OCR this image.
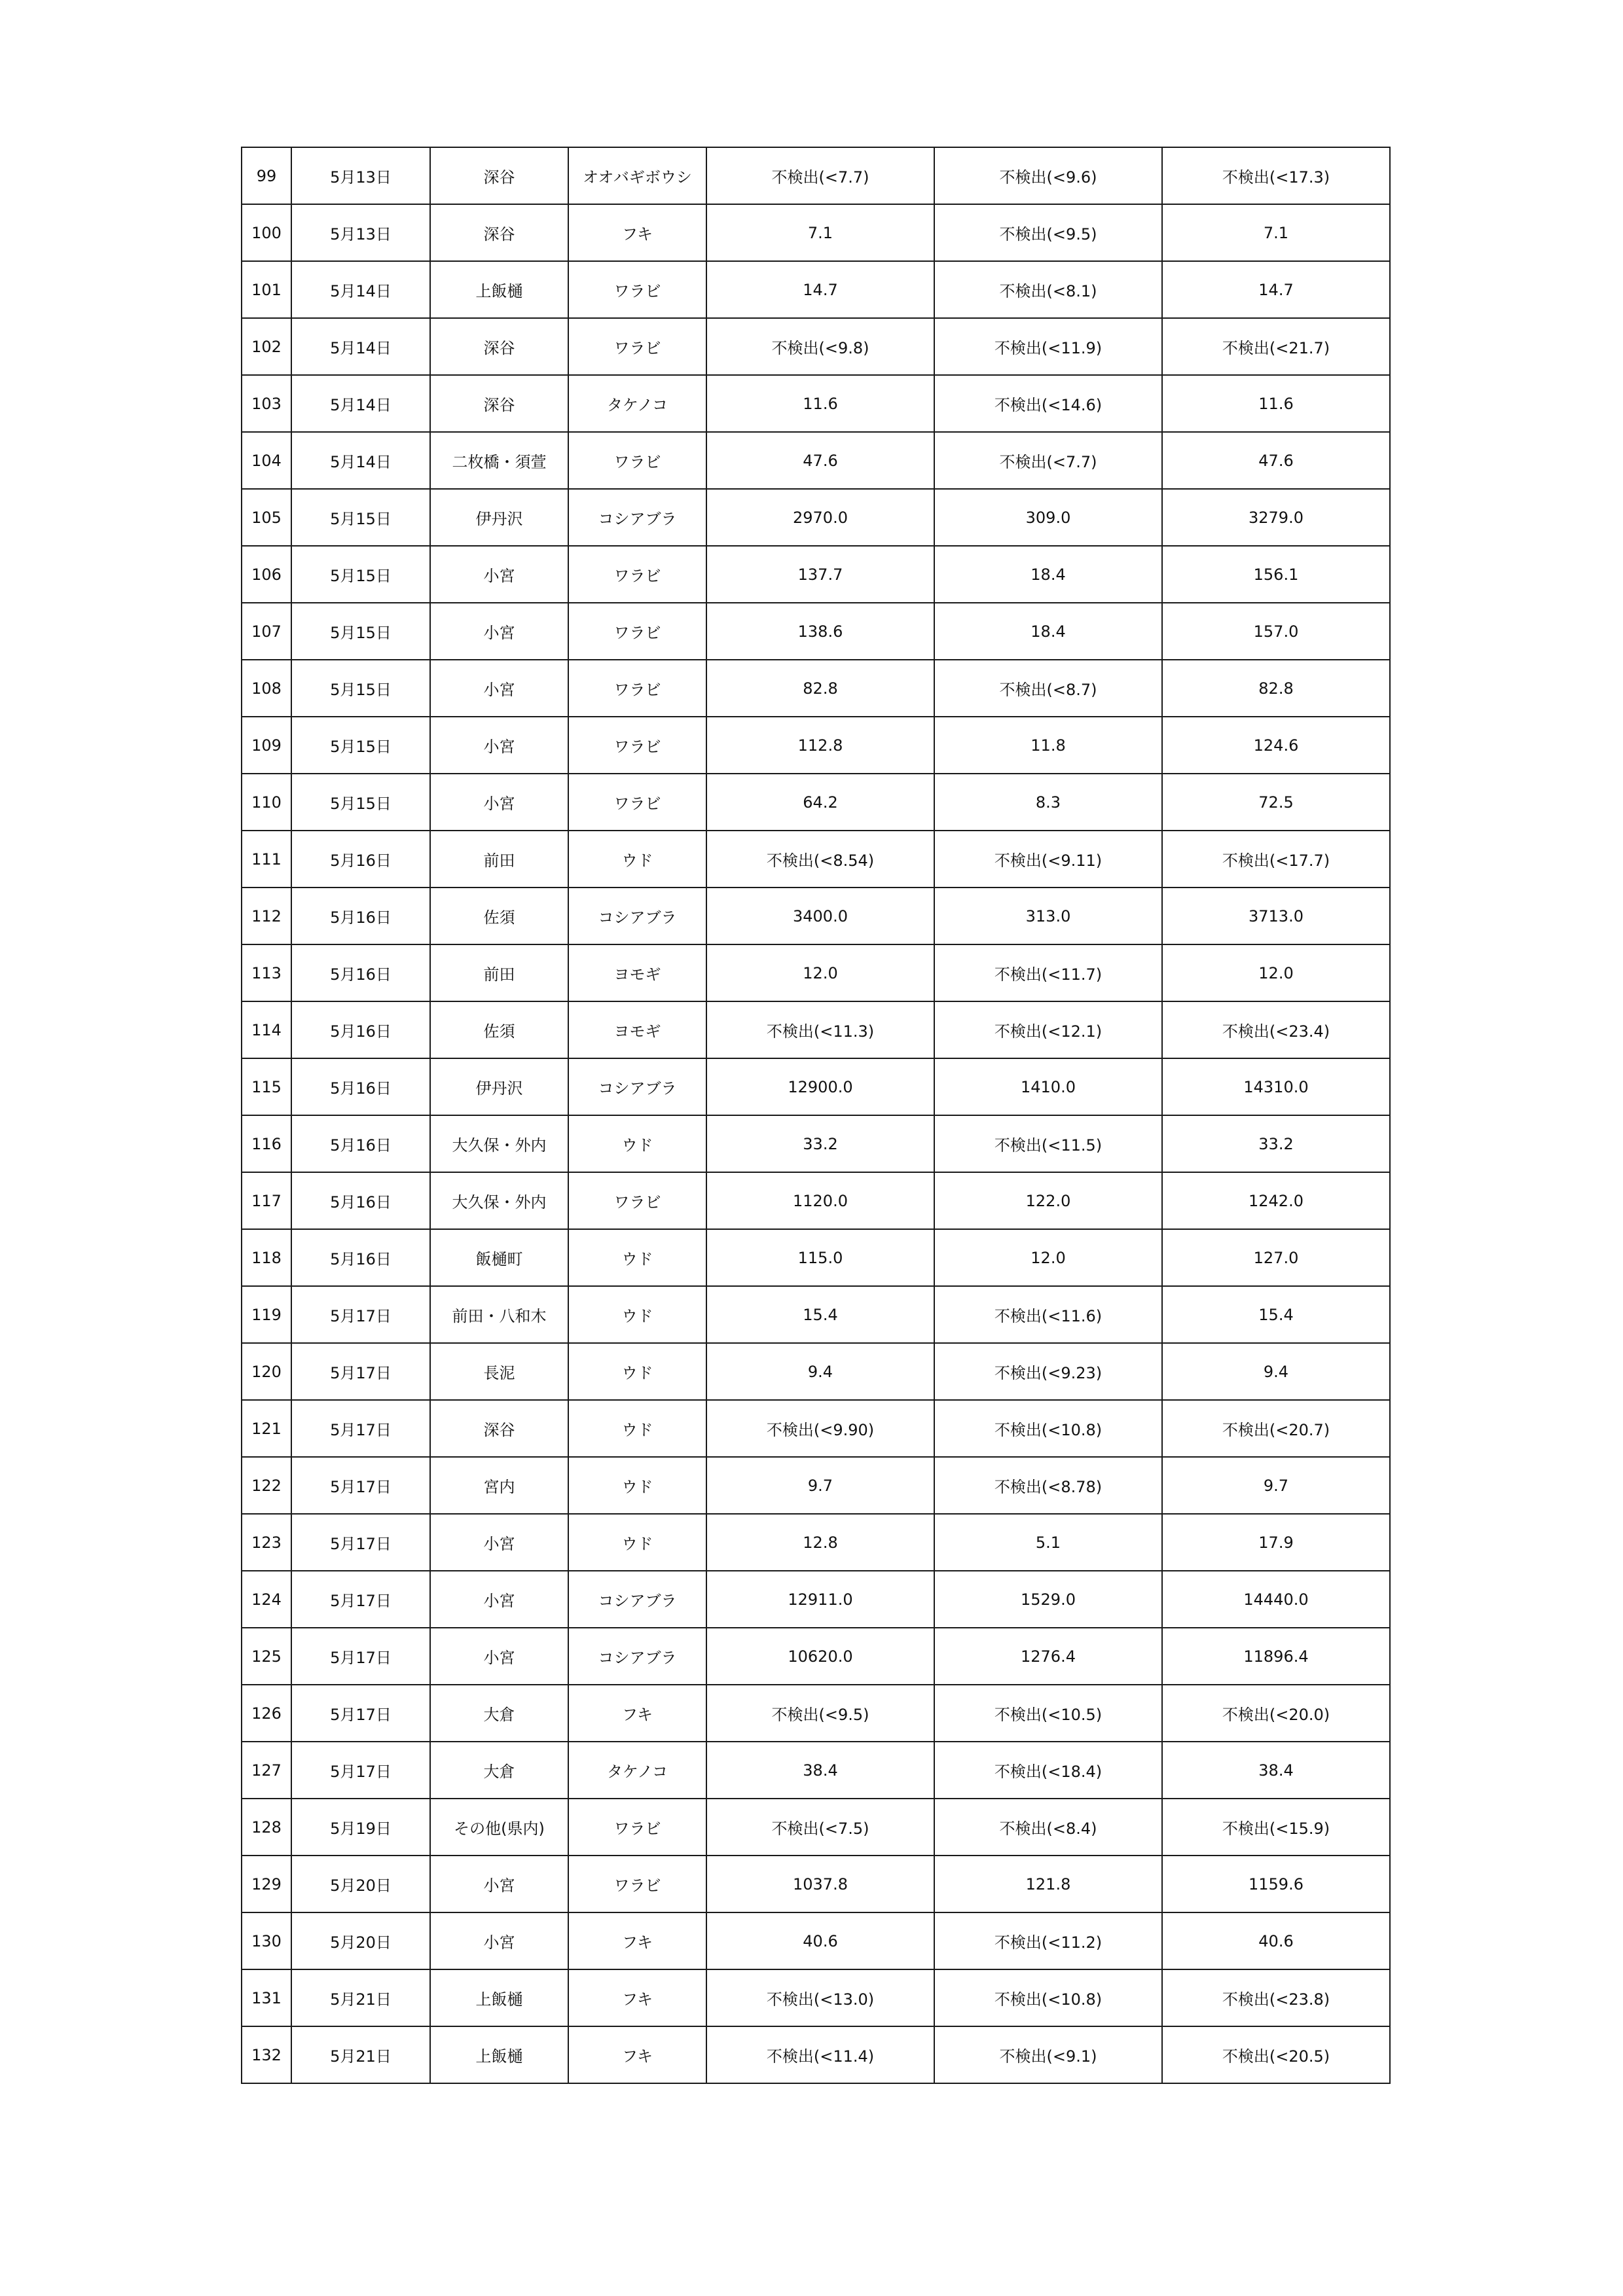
99	5月13日	深谷	オオバギボウシ	不検出(<7.7)	不検出(<9.6)	不検出(<17.3)
100	5月13日	深谷	フキ	7.1	不検出(<9.5)	7.1
101	5月14日	上飯樋	ワラビ	14.7	不検出(<8.1)	14.7
102	5月14日	深谷	ワラビ	不検出(<9.8)	不検出(<11.9)	不検出(<21.7)
103	5月14日	深谷	タケノコ	11.6	不検出(<14.6)	11.6
104	5月14日	二枚橋・須萱	ワラビ	47.6	不検出(<7.7)	47.6
105	5月15日	伊丹沢	コシアブラ	2970.0	309.0	3279.0
106	5月15日	小宮	ワラビ	137.7	18.4	156.1
107	5月15日	小宮	ワラビ	138.6	18.4	157.0
108	5月15日	小宮	ワラビ	82.8	不検出(<8.7)	82.8
109	5月15日	小宮	ワラビ	112.8	11.8	124.6
110	5月15日	小宮	ワラビ	64.2	8.3	72.5
111	5月16日	前田	ウド	不検出(<8.54)	不検出(<9.11)	不検出(<17.7)
112	5月16日	佐須	コシアブラ	3400.0	313.0	3713.0
113	5月16日	前田	ヨモギ	12.0	不検出(<11.7)	12.0
114	5月16日	佐須	ヨモギ	不検出(<11.3)	不検出(<12.1)	不検出(<23.4)
115	5月16日	伊丹沢	コシアブラ	12900.0	1410.0	14310.0
116	5月16日	大久保・外内	ウド	33.2	不検出(<11.5)	33.2
117	5月16日	大久保・外内	ワラビ	1120.0	122.0	1242.0
118	5月16日	飯樋町	ウド	115.0	12.0	127.0
119	5月17日	前田・八和木	ウド	15.4	不検出(<11.6)	15.4
120	5月17日	長泥	ウド	9.4	不検出(<9.23)	9.4
121	5月17日	深谷	ウド	不検出(<9.90)	不検出(<10.8)	不検出(<20.7)
122	5月17日	宮内	ウド	9.7	不検出(<8.78)	9.7
123	5月17日	小宮	ウド	12.8	5.1	17.9
124	5月17日	小宮	コシアブラ	12911.0	1529.0	14440.0
125	5月17日	小宮	コシアブラ	10620.0	1276.4	11896.4
126	5月17日	大倉	フキ	不検出(<9.5)	不検出(<10.5)	不検出(<20.0)
127	5月17日	大倉	タケノコ	38.4	不検出(<18.4)	38.4
128	5月19日	その他(県内)	ワラビ	不検出(<7.5)	不検出(<8.4)	不検出(<15.9)
129	5月20日	小宮	ワラビ	1037.8	121.8	1159.6
130	5月20日	小宮	フキ	40.6	不検出(<11.2)	40.6
131	5月21日	上飯樋	フキ	不検出(<13.0)	不検出(<10.8)	不検出(<23.8)
132	5月21日	上飯樋	フキ	不検出(<11.4)	不検出(<9.1)	不検出(<20.5)
